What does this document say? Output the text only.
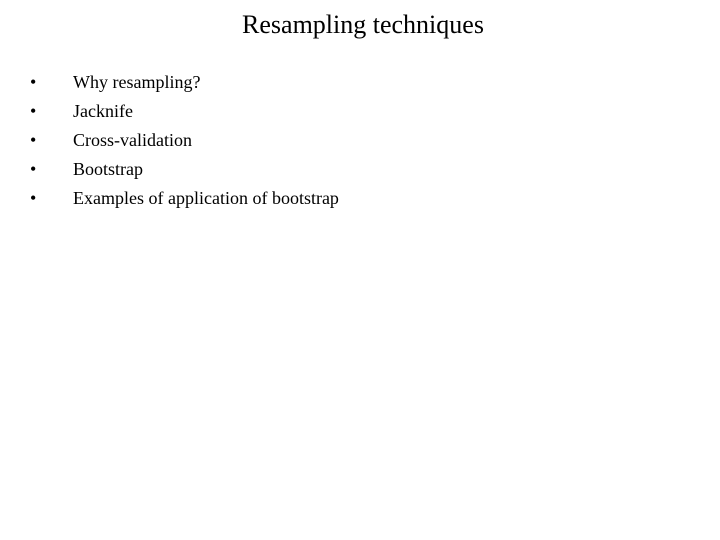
Resampling techniques
• Why resampling?
• Jacknife
• Cross-validation
• Bootstrap
• Examples of application of bootstrap
